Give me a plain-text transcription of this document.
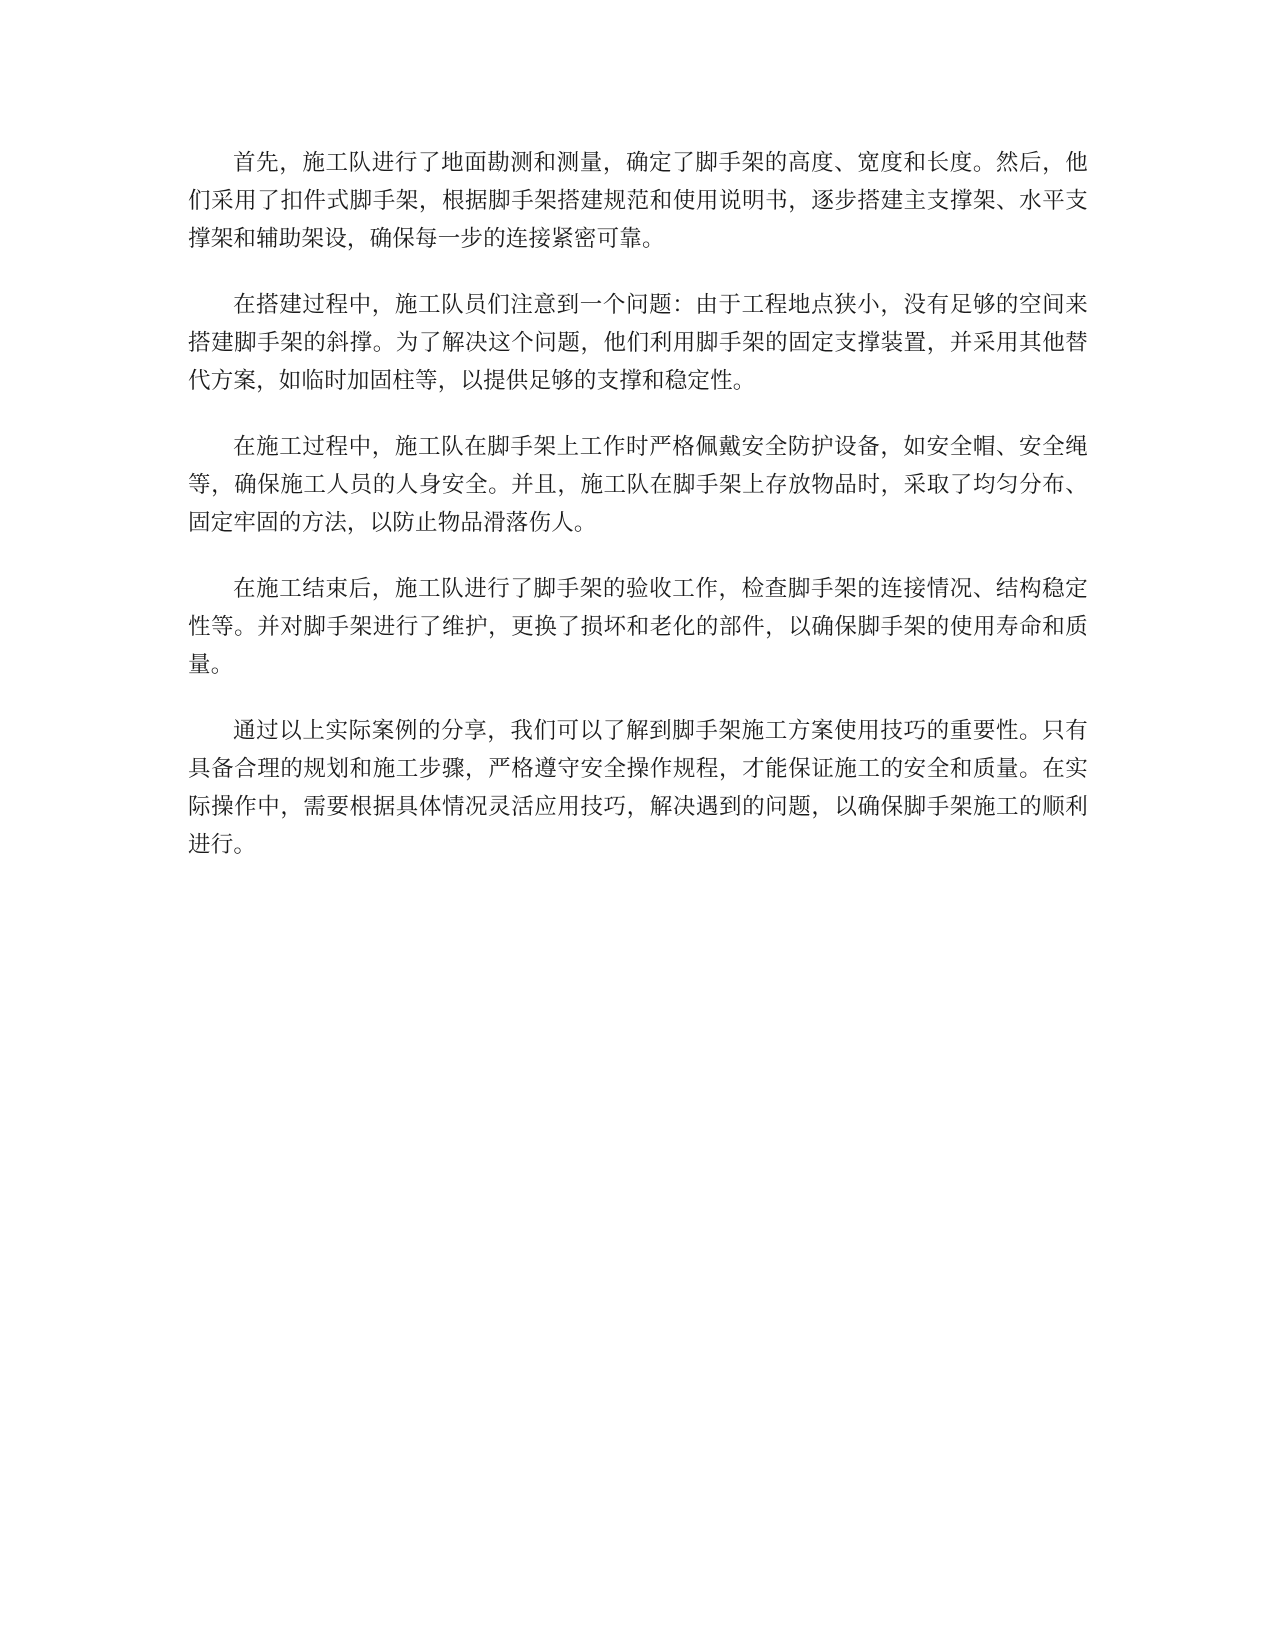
首先，施工队进行了地面勘测和测量，确定了脚手架的高度、宽度和长度。然后，他们采用了扣件式脚手架，根据脚手架搭建规范和使用说明书，逐步搭建主支撑架、水平支撑架和辅助架设，确保每一步的连接紧密可靠。

在搭建过程中，施工队员们注意到一个问题：由于工程地点狭小，没有足够的空间来搭建脚手架的斜撑。为了解决这个问题，他们利用脚手架的固定支撑装置，并采用其他替代方案，如临时加固柱等，以提供足够的支撑和稳定性。

在施工过程中，施工队在脚手架上工作时严格佩戴安全防护设备，如安全帽、安全绳等，确保施工人员的人身安全。并且，施工队在脚手架上存放物品时，采取了均匀分布、固定牢固的方法，以防止物品滑落伤人。

在施工结束后，施工队进行了脚手架的验收工作，检查脚手架的连接情况、结构稳定性等。并对脚手架进行了维护，更换了损坏和老化的部件，以确保脚手架的使用寿命和质量。

通过以上实际案例的分享，我们可以了解到脚手架施工方案使用技巧的重要性。只有具备合理的规划和施工步骤，严格遵守安全操作规程，才能保证施工的安全和质量。在实际操作中，需要根据具体情况灵活应用技巧，解决遇到的问题，以确保脚手架施工的顺利进行。
